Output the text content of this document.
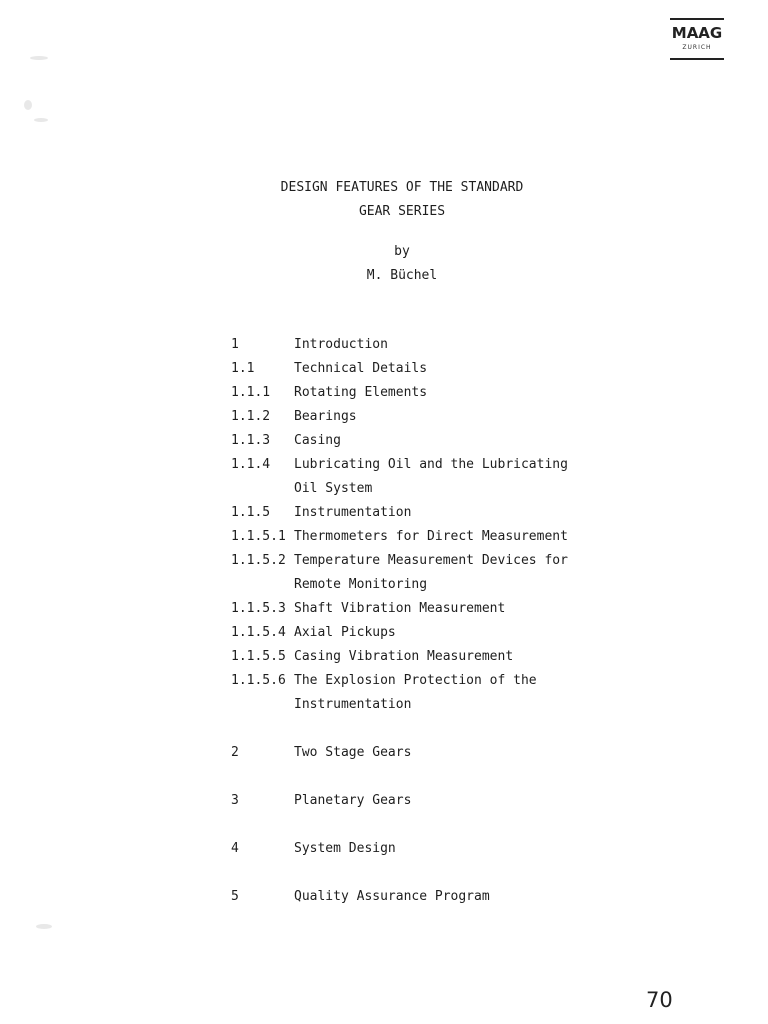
MAAG
ZURICH
DESIGN FEATURES OF THE STANDARD
GEAR SERIES
by
M. Büchel
1	Introduction
1.1	Technical Details
1.1.1	Rotating Elements
1.1.2	Bearings
1.1.3	Casing
1.1.4	Lubricating Oil and the Lubricating Oil System
1.1.5	Instrumentation
1.1.5.1 Thermometers for Direct Measurement
1.1.5.2 Temperature Measurement Devices for Remote Monitoring
1.1.5.3 Shaft Vibration Measurement
1.1.5.4 Axial Pickups
1.1.5.5 Casing Vibration Measurement
1.1.5.6 The Explosion Protection of the Instrumentation
2	Two Stage Gears
3	Planetary Gears
4	System Design
5	Quality Assurance Program
70
